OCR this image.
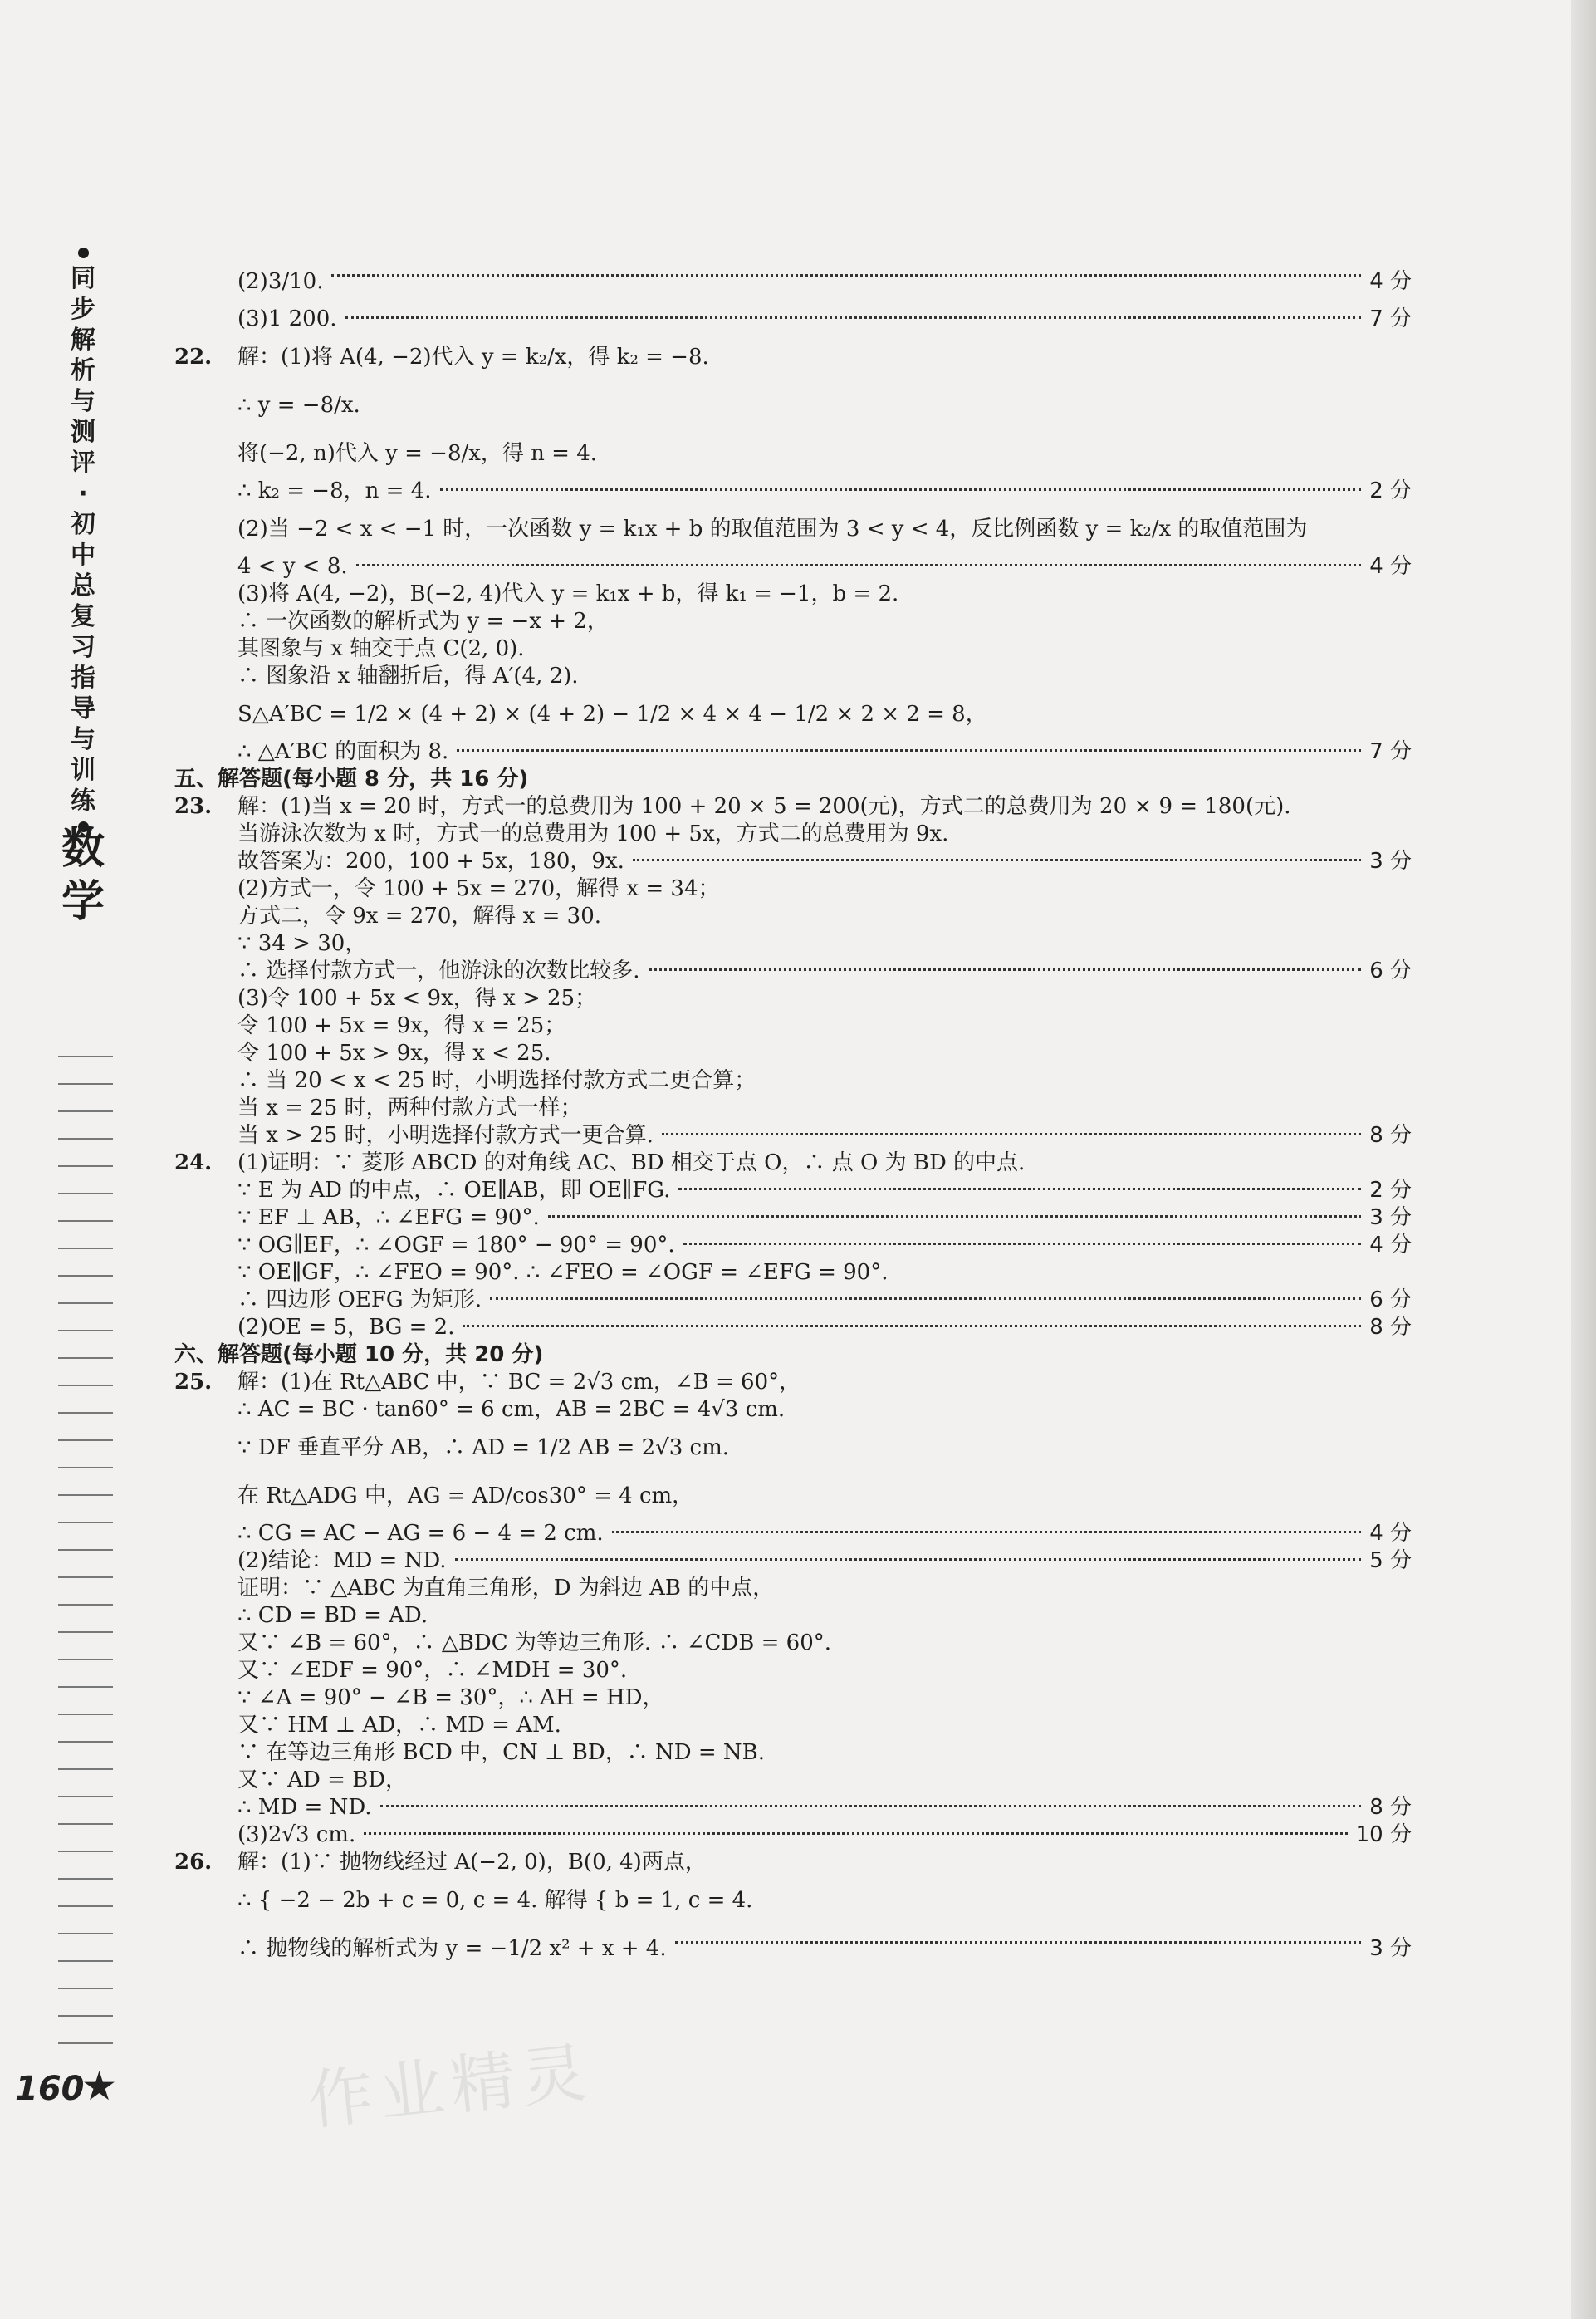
同步解析与测评·初中总复习指导与训练
数学
160
★	作业精灵
(2)3/10.	4 分
(3)1 200.	7 分
22.	解：(1)将 A(4, −2)代入 y = k₂/x，得 k₂ = −8.
∴ y = −8/x.
将(−2, n)代入 y = −8/x，得 n = 4.
∴ k₂ = −8，n = 4.	2 分
(2)当 −2 < x < −1 时，一次函数 y = k₁x + b 的取值范围为 3 < y < 4，反比例函数 y = k₂/x 的取值范围为
4 < y < 8.	4 分
(3)将 A(4, −2)，B(−2, 4)代入 y = k₁x + b，得 k₁ = −1，b = 2.
∴ 一次函数的解析式为 y = −x + 2，
其图象与 x 轴交于点 C(2, 0).
∴ 图象沿 x 轴翻折后，得 A′(4, 2).
S△A′BC = 1/2 × (4 + 2) × (4 + 2) − 1/2 × 4 × 4 − 1/2 × 2 × 2 = 8，
∴ △A′BC 的面积为 8.	7 分
五、解答题(每小题 8 分，共 16 分)
23.	解：(1)当 x = 20 时，方式一的总费用为 100 + 20 × 5 = 200(元)，方式二的总费用为 20 × 9 = 180(元).
当游泳次数为 x 时，方式一的总费用为 100 + 5x，方式二的总费用为 9x.
故答案为：200，100 + 5x，180，9x.	3 分
(2)方式一，令 100 + 5x = 270，解得 x = 34；
方式二，令 9x = 270，解得 x = 30.
∵ 34 > 30，
∴ 选择付款方式一，他游泳的次数比较多.	6 分
(3)令 100 + 5x < 9x，得 x > 25；
令 100 + 5x = 9x，得 x = 25；
令 100 + 5x > 9x，得 x < 25.
∴ 当 20 < x < 25 时，小明选择付款方式二更合算；
当 x = 25 时，两种付款方式一样；
当 x > 25 时，小明选择付款方式一更合算.	8 分
24.	(1)证明：∵ 菱形 ABCD 的对角线 AC、BD 相交于点 O，∴ 点 O 为 BD 的中点.
∵ E 为 AD 的中点，∴ OE∥AB，即 OE∥FG.	2 分
∵ EF ⊥ AB，∴ ∠EFG = 90°.	3 分
∵ OG∥EF，∴ ∠OGF = 180° − 90° = 90°.	4 分
∵ OE∥GF，∴ ∠FEO = 90°. ∴ ∠FEO = ∠OGF = ∠EFG = 90°.
∴ 四边形 OEFG 为矩形.	6 分
(2)OE = 5，BG = 2.	8 分
六、解答题(每小题 10 分，共 20 分)
25.	解：(1)在 Rt△ABC 中，∵ BC = 2√3 cm，∠B = 60°，
∴ AC = BC · tan60° = 6 cm，AB = 2BC = 4√3 cm.
∵ DF 垂直平分 AB，∴ AD = 1/2 AB = 2√3 cm.
在 Rt△ADG 中，AG = AD/cos30° = 4 cm，
∴ CG = AC − AG = 6 − 4 = 2 cm.	4 分
(2)结论：MD = ND.	5 分
证明：∵ △ABC 为直角三角形，D 为斜边 AB 的中点，
∴ CD = BD = AD.
又∵ ∠B = 60°，∴ △BDC 为等边三角形. ∴ ∠CDB = 60°.
又∵ ∠EDF = 90°，∴ ∠MDH = 30°.
∵ ∠A = 90° − ∠B = 30°，∴ AH = HD，
又∵ HM ⊥ AD，∴ MD = AM.
∵ 在等边三角形 BCD 中，CN ⊥ BD，∴ ND = NB.
又∵ AD = BD，
∴ MD = ND.	8 分
(3)2√3 cm.	10 分
26.	解：(1)∵ 抛物线经过 A(−2, 0)，B(0, 4)两点，
∴ { −2 − 2b + c = 0, c = 4. 解得 { b = 1, c = 4.
∴ 抛物线的解析式为 y = −1/2 x² + x + 4.	3 分
